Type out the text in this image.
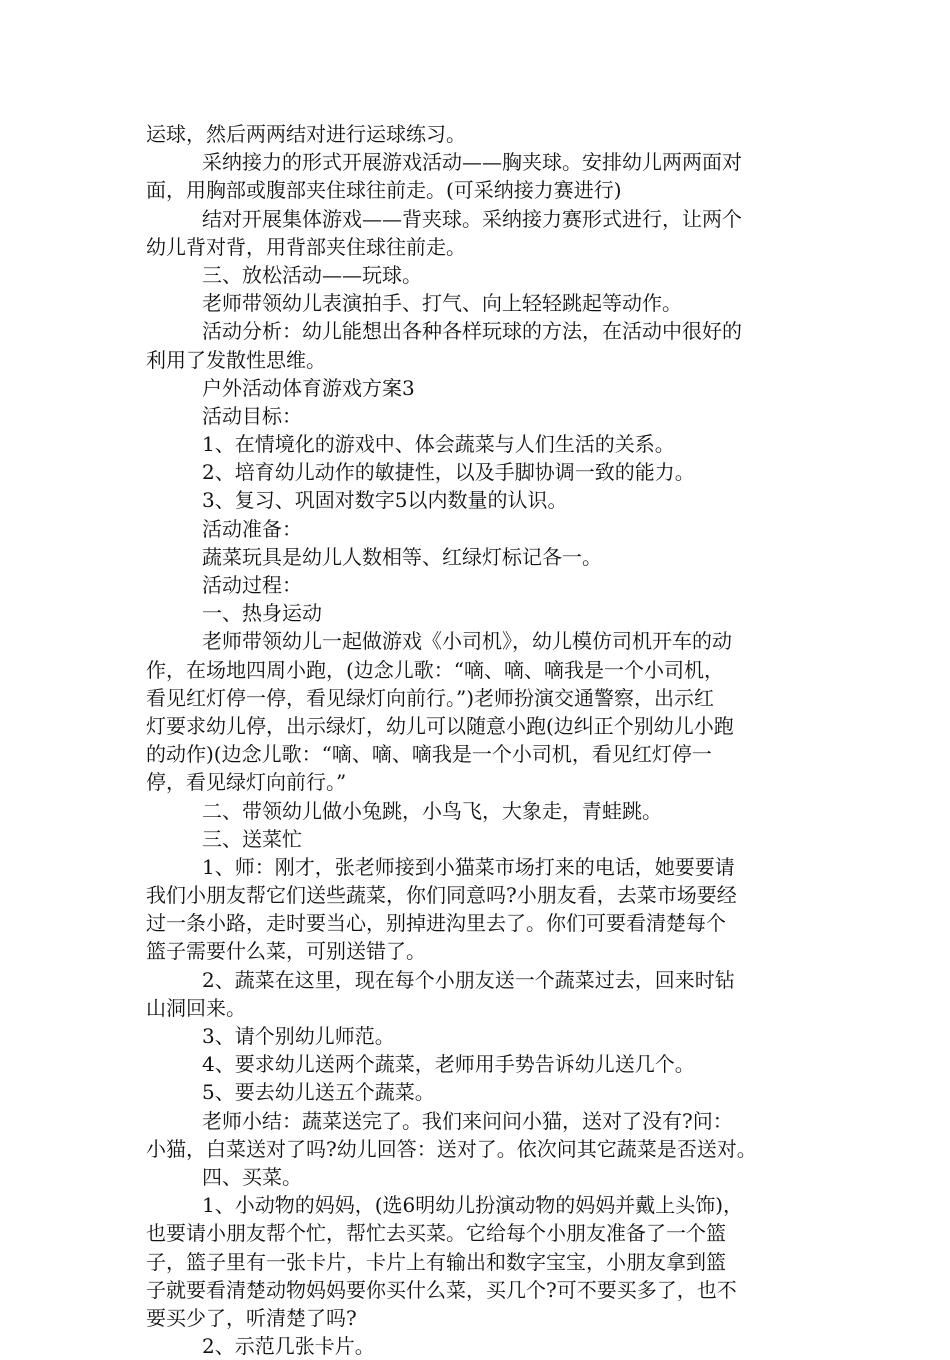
运球，然后两两结对进行运球练习。
采纳接力的形式开展游戏活动——胸夹球。安排幼儿两两面对
面，用胸部或腹部夹住球往前走。(可采纳接力赛进行)
结对开展集体游戏——背夹球。采纳接力赛形式进行，让两个
幼儿背对背，用背部夹住球往前走。
三、放松活动——玩球。
老师带领幼儿表演拍手、打气、向上轻轻跳起等动作。
活动分析：幼儿能想出各种各样玩球的方法，在活动中很好的
利用了发散性思维。
户外活动体育游戏方案3
活动目标：
1、在情境化的游戏中、体会蔬菜与人们生活的关系。
2、培育幼儿动作的敏捷性，以及手脚协调一致的能力。
3、复习、巩固对数字5以内数量的认识。
活动准备：
蔬菜玩具是幼儿人数相等、红绿灯标记各一。
活动过程：
一、热身运动
老师带领幼儿一起做游戏《小司机》，幼儿模仿司机开车的动
作，在场地四周小跑，(边念儿歌：“嘀、嘀、嘀我是一个小司机，
看见红灯停一停，看见绿灯向前行。”)老师扮演交通警察，出示红
灯要求幼儿停，出示绿灯，幼儿可以随意小跑(边纠正个别幼儿小跑
的动作)(边念儿歌：“嘀、嘀、嘀我是一个小司机，看见红灯停一
停，看见绿灯向前行。”
二、带领幼儿做小兔跳，小鸟飞，大象走，青蛙跳。
三、送菜忙
1、师：刚才，张老师接到小猫菜市场打来的电话，她要要请
我们小朋友帮它们送些蔬菜，你们同意吗?小朋友看，去菜市场要经
过一条小路，走时要当心，别掉进沟里去了。你们可要看清楚每个
篮子需要什么菜，可别送错了。
2、蔬菜在这里，现在每个小朋友送一个蔬菜过去，回来时钻
山洞回来。
3、请个别幼儿师范。
4、要求幼儿送两个蔬菜，老师用手势告诉幼儿送几个。
5、要去幼儿送五个蔬菜。
老师小结：蔬菜送完了。我们来问问小猫，送对了没有?问：
小猫，白菜送对了吗?幼儿回答：送对了。依次问其它蔬菜是否送对。
四、买菜。
1、小动物的妈妈，(选6明幼儿扮演动物的妈妈并戴上头饰)，
也要请小朋友帮个忙，帮忙去买菜。它给每个小朋友准备了一个篮
子，篮子里有一张卡片，卡片上有输出和数字宝宝，小朋友拿到篮
子就要看清楚动物妈妈要你买什么菜，买几个?可不要买多了，也不
要买少了，听清楚了吗?
2、示范几张卡片。
